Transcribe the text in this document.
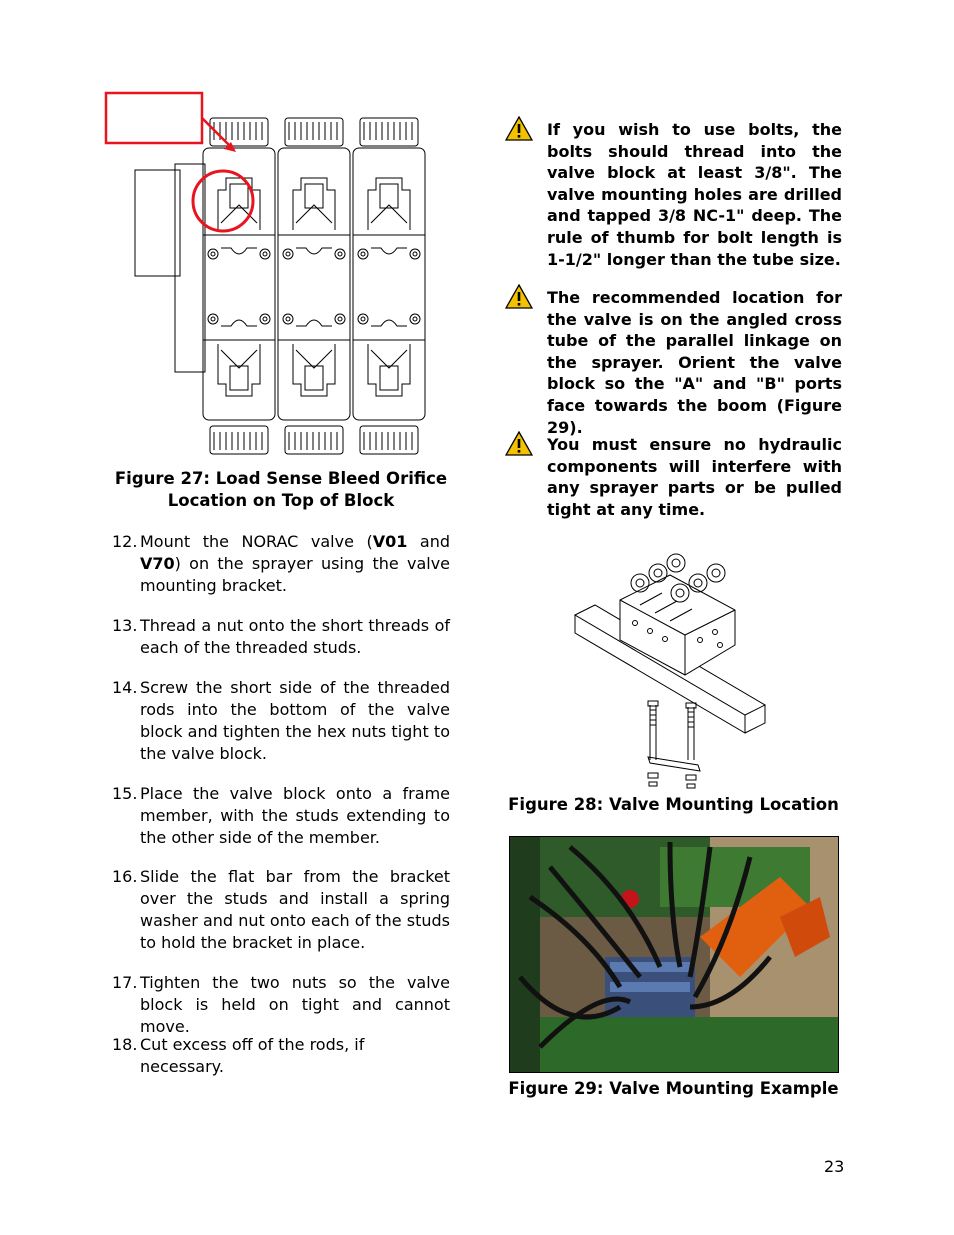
Figure 27: Load Sense Bleed Orifice
Location on Top of Block
12. Mount the NORAC valve (V01 and V70) on the sprayer using the valve mounting bracket.
13. Thread a nut onto the short threads of each of the threaded studs.
14. Screw the short side of the threaded rods into the bottom of the valve block and tighten the hex nuts tight to the valve block.
15. Place the valve block onto a frame member, with the studs extending to the other side of the member.
16. Slide the flat bar from the bracket over the studs and install a spring washer and nut onto each of the studs to hold the bracket in place.
17. Tighten the two nuts so the valve block is held on tight and cannot move.
18. Cut excess off of the rods, if necessary.
If you wish to use bolts, the bolts should thread into the valve block at least 3/8". The valve mounting holes are drilled and tapped 3/8 NC-1" deep. The rule of thumb for bolt length is 1-1/2" longer than the tube size.
The recommended location for the valve is on the angled cross tube of the parallel linkage on the sprayer. Orient the valve block so the "A" and "B" ports face towards the boom (Figure 29).
You must ensure no hydraulic components will interfere with any sprayer parts or be pulled tight at any time.
Figure 28: Valve Mounting Location
Figure 29: Valve Mounting Example
23
